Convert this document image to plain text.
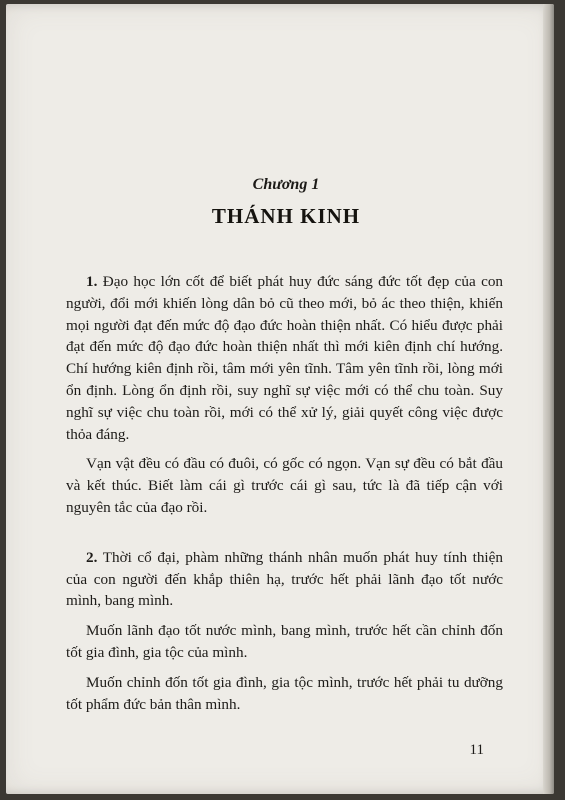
Chương 1
THÁNH KINH

1. Đạo học lớn cốt để biết phát huy đức sáng đức tốt đẹp của con người, đổi mới khiến lòng dân bỏ cũ theo mới, bỏ ác theo thiện, khiến mọi người đạt đến mức độ đạo đức hoàn thiện nhất. Có hiểu được phải đạt đến mức độ đạo đức hoàn thiện nhất thì mới kiên định chí hướng. Chí hướng kiên định rồi, tâm mới yên tĩnh. Tâm yên tĩnh rồi, lòng mới ổn định. Lòng ổn định rồi, suy nghĩ sự việc mới có thể chu toàn. Suy nghĩ sự việc chu toàn rồi, mới có thể xử lý, giải quyết công việc được thỏa đáng.

Vạn vật đều có đầu có đuôi, có gốc có ngọn. Vạn sự đều có bắt đầu và kết thúc. Biết làm cái gì trước cái gì sau, tức là đã tiếp cận với nguyên tắc của đạo rồi.

2. Thời cổ đại, phàm những thánh nhân muốn phát huy tính thiện của con người đến khắp thiên hạ, trước hết phải lãnh đạo tốt nước mình, bang mình.

Muốn lãnh đạo tốt nước mình, bang mình, trước hết cần chỉnh đốn tốt gia đình, gia tộc của mình.

Muốn chỉnh đốn tốt gia đình, gia tộc mình, trước hết phải tu dưỡng tốt phẩm đức bản thân mình.

11
